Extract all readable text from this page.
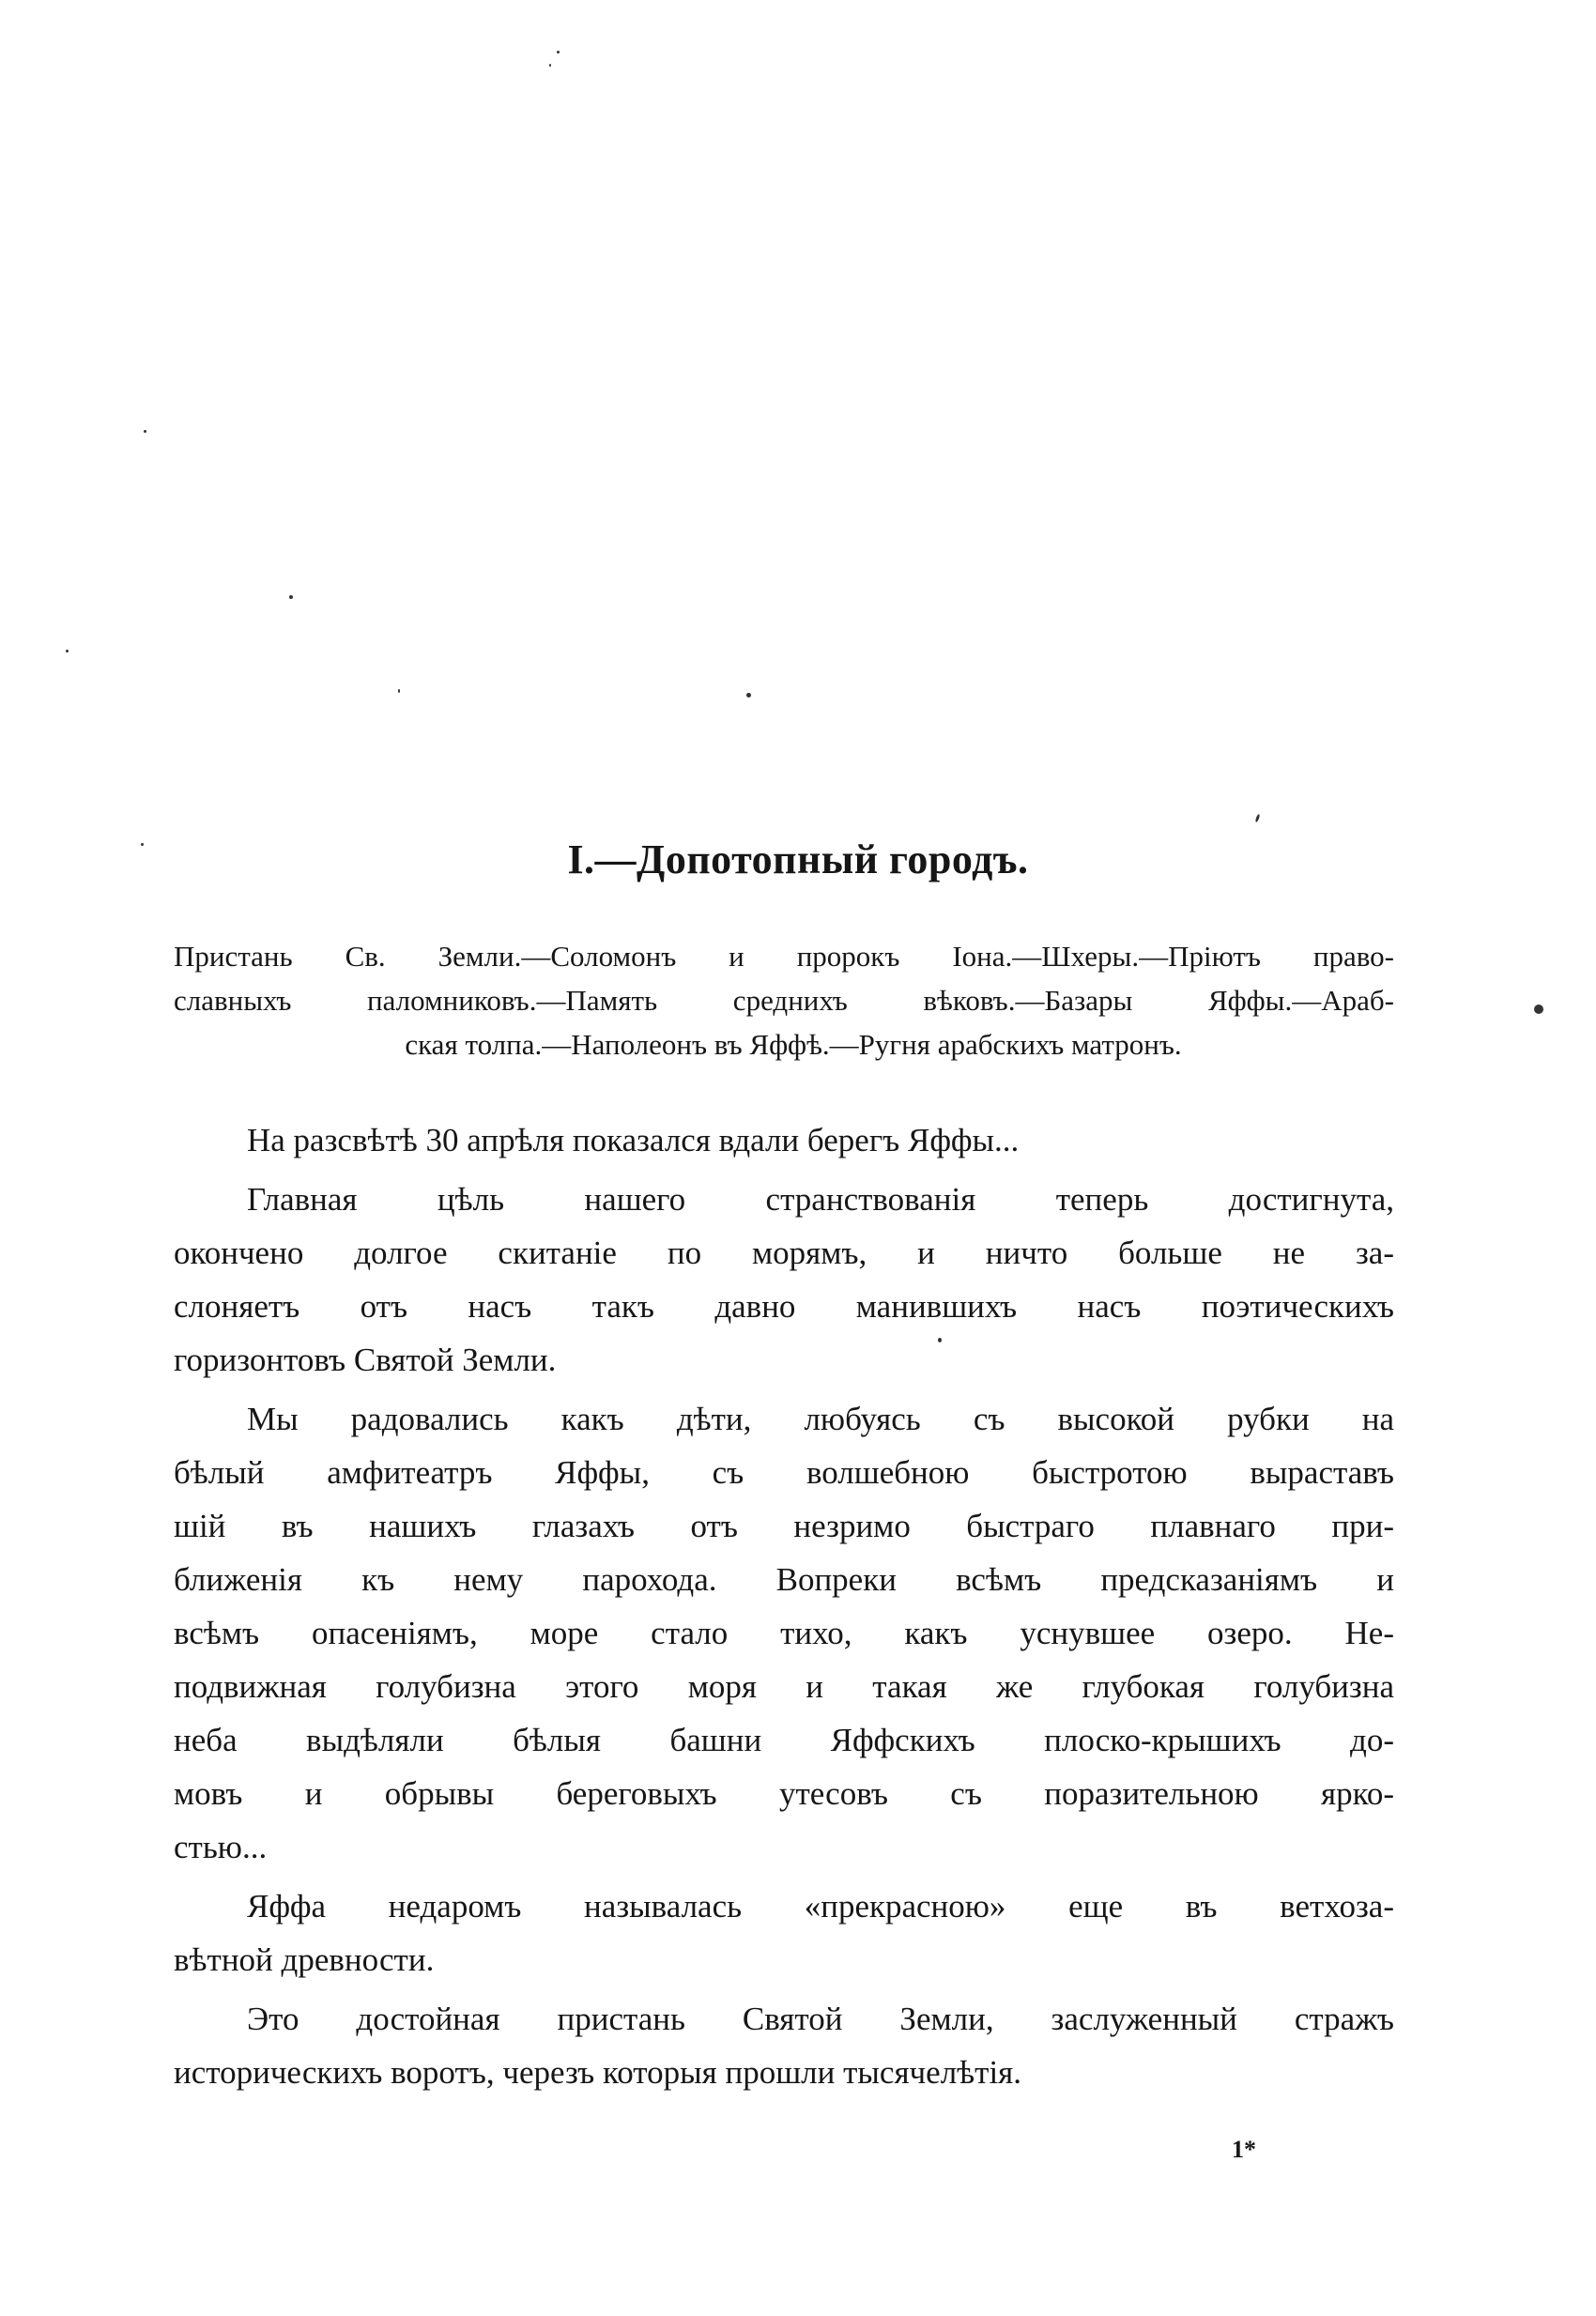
I.—Допотопный городъ.
Пристань Св. Земли.—Соломонъ и пророкъ Іона.—Шхеры.—Пріютъ право-
славныхъ паломниковъ.—Память среднихъ вѣковъ.—Базары Яффы.—Араб-
ская толпа.—Наполеонъ въ Яффѣ.—Ругня арабскихъ матронъ.
На разсвѣтѣ 30 апрѣля показался вдали берегъ Яффы...
Главная цѣль нашего странствованія теперь достигнута,
окончено долгое скитаніе по морямъ, и ничто больше не за-
слоняетъ отъ насъ такъ давно манившихъ насъ поэтическихъ
горизонтовъ Святой Земли.
Мы радовались какъ дѣти, любуясь съ высокой рубки на
бѣлый амфитеатръ Яффы, съ волшебною быстротою выраставъ
шій въ нашихъ глазахъ отъ незримо быстраго плавнаго при-
ближенія къ нему парохода. Вопреки всѣмъ предсказаніямъ и
всѣмъ опасеніямъ, море стало тихо, какъ уснувшее озеро. Не-
подвижная голубизна этого моря и такая же глубокая голубизна
неба выдѣляли бѣлыя башни Яффскихъ плоско-крышихъ до-
мовъ и обрывы береговыхъ утесовъ съ поразительною ярко-
стью...
Яффа недаромъ называлась «прекрасною» еще въ ветхоза-
вѣтной древности.
Это достойная пристань Святой Земли, заслуженный стражъ
историческихъ воротъ, черезъ которыя прошли тысячелѣтія.
1*
